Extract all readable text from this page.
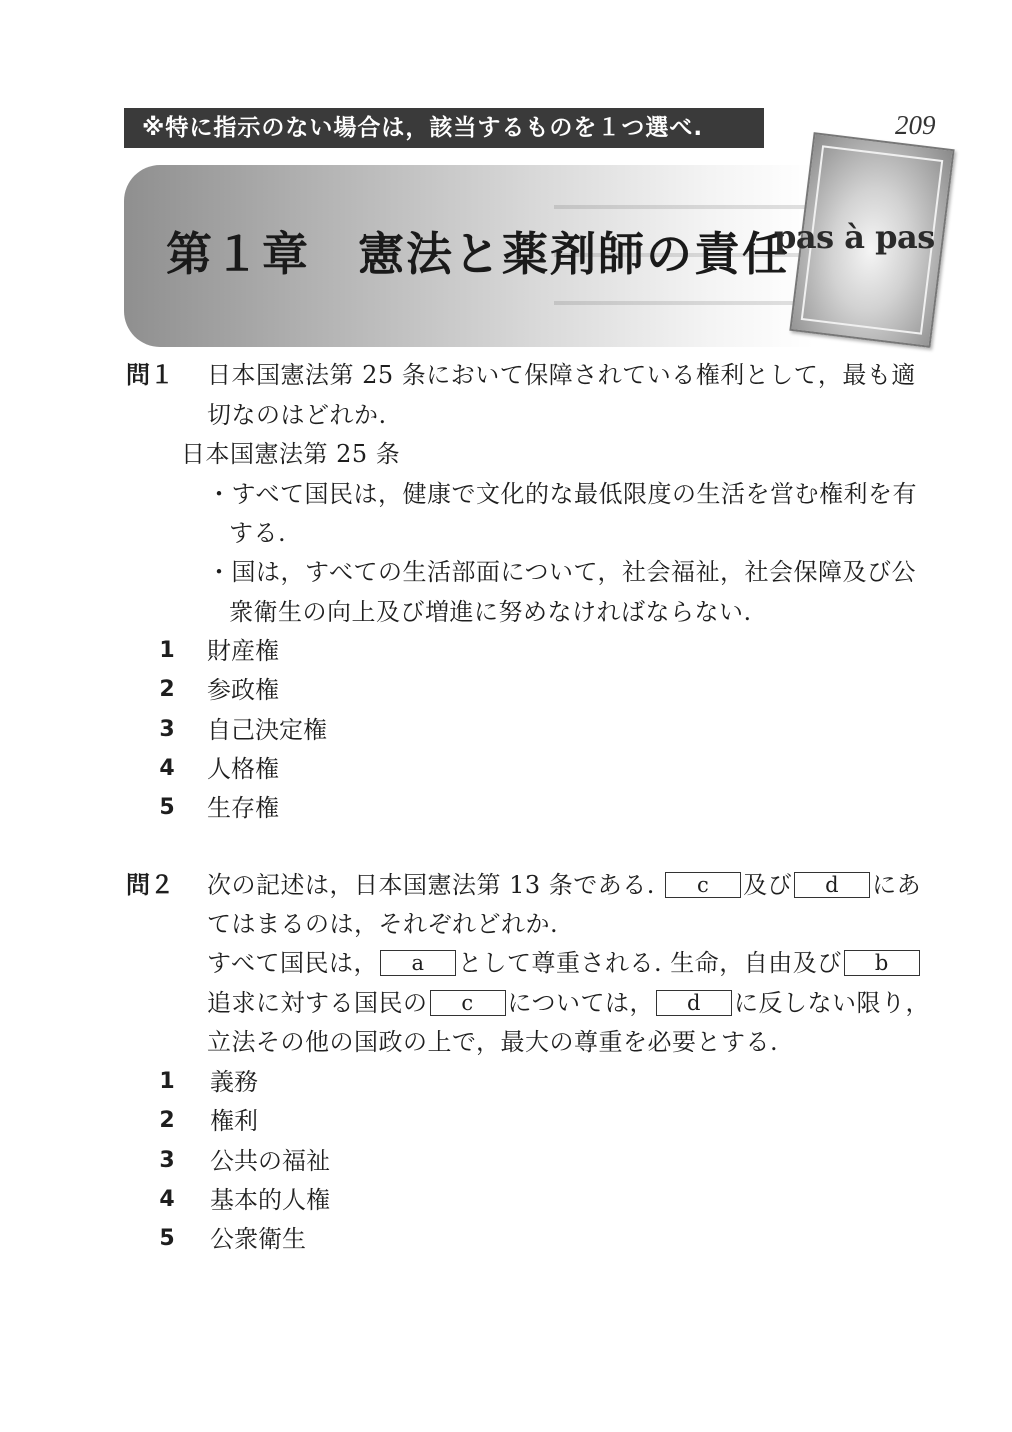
※特に指示のない場合は，該当するものを１つ選べ.	209
第１章　憲法と薬剤師の責任
pas à pas
問１ 日本国憲法第 25 条において保障されている権利として，最も適
切なのはどれか.
日本国憲法第 25 条
・すべて国民は，健康で文化的な最低限度の生活を営む権利を有
する.
・国は，すべての生活部面について，社会福祉，社会保障及び公
衆衛生の向上及び増進に努めなければならない.
1 財産権
2 参政権
3 自己決定権
4 人格権
5 生存権
問２ 次の記述は，日本国憲法第 13 条である. c 及び d にあ
てはまるのは，それぞれどれか.
すべて国民は， a として尊重される. 生命，自由及び b
追求に対する国民の c については， d に反しない限り，
立法その他の国政の上で，最大の尊重を必要とする.
1 義務
2 権利
3 公共の福祉
4 基本的人権
5 公衆衛生
